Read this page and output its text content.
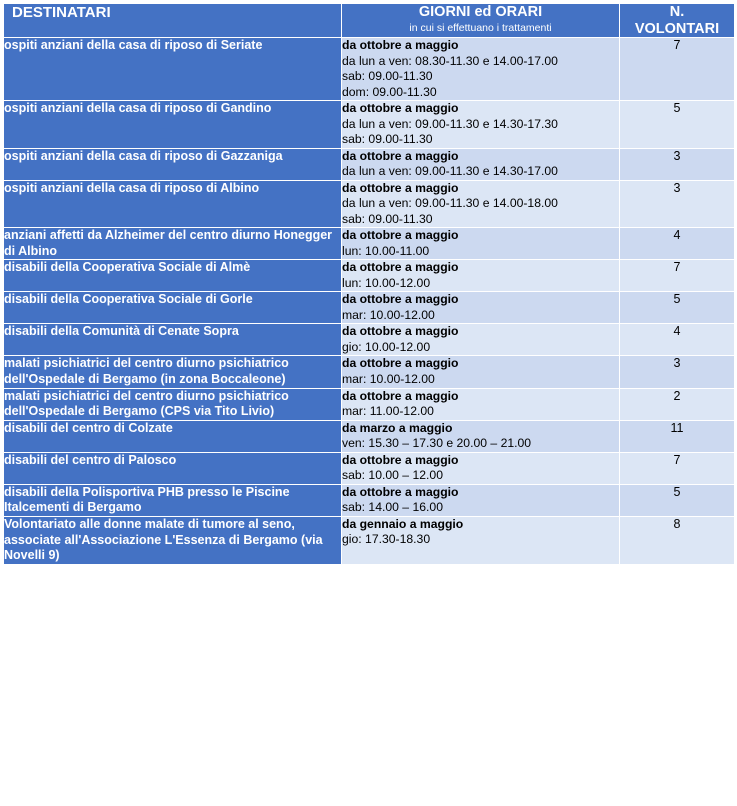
DESTINATARI	GIORNI ed ORARI
in cui si effettuano i trattamenti	N.
VOLONTARI
ospiti anziani della casa di riposo di Seriate	da ottobre a maggio
da lun a ven: 08.30-11.30 e 14.00-17.00
sab: 09.00-11.30
dom: 09.00-11.30	7
ospiti anziani della casa di riposo di Gandino	da ottobre a maggio
da lun a ven: 09.00-11.30 e 14.30-17.30
sab: 09.00-11.30	5
ospiti anziani della casa di riposo di Gazzaniga	da ottobre a maggio
da lun a ven: 09.00-11.30 e 14.30-17.00	3
ospiti anziani della casa di riposo di Albino	da ottobre a maggio
da lun a ven: 09.00-11.30 e 14.00-18.00
sab: 09.00-11.30	3
anziani affetti da Alzheimer del centro diurno Honegger di Albino	da ottobre a maggio
lun: 10.00-11.00	4
disabili della Cooperativa Sociale di Almè	da ottobre a maggio
lun: 10.00-12.00	7
disabili della Cooperativa Sociale di Gorle	da ottobre a maggio
mar: 10.00-12.00	5
disabili della Comunità di Cenate Sopra	da ottobre a maggio
gio: 10.00-12.00	4
malati psichiatrici del centro diurno psichiatrico dell'Ospedale di Bergamo (in zona Boccaleone)	da ottobre a maggio
mar: 10.00-12.00	3
malati psichiatrici del centro diurno psichiatrico dell'Ospedale di Bergamo (CPS via Tito Livio)	da ottobre a maggio
mar: 11.00-12.00	2
disabili del centro di Colzate	da marzo a maggio
ven: 15.30 – 17.30 e 20.00 – 21.00	11
disabili del centro di Palosco	da ottobre a maggio
sab: 10.00 – 12.00	7
disabili della Polisportiva PHB presso le Piscine Italcementi di Bergamo	da ottobre a maggio
sab: 14.00 – 16.00	5
Volontariato alle donne malate di tumore al seno, associate all'Associazione L'Essenza di Bergamo (via Novelli 9)	da gennaio a maggio
gio: 17.30-18.30	8
